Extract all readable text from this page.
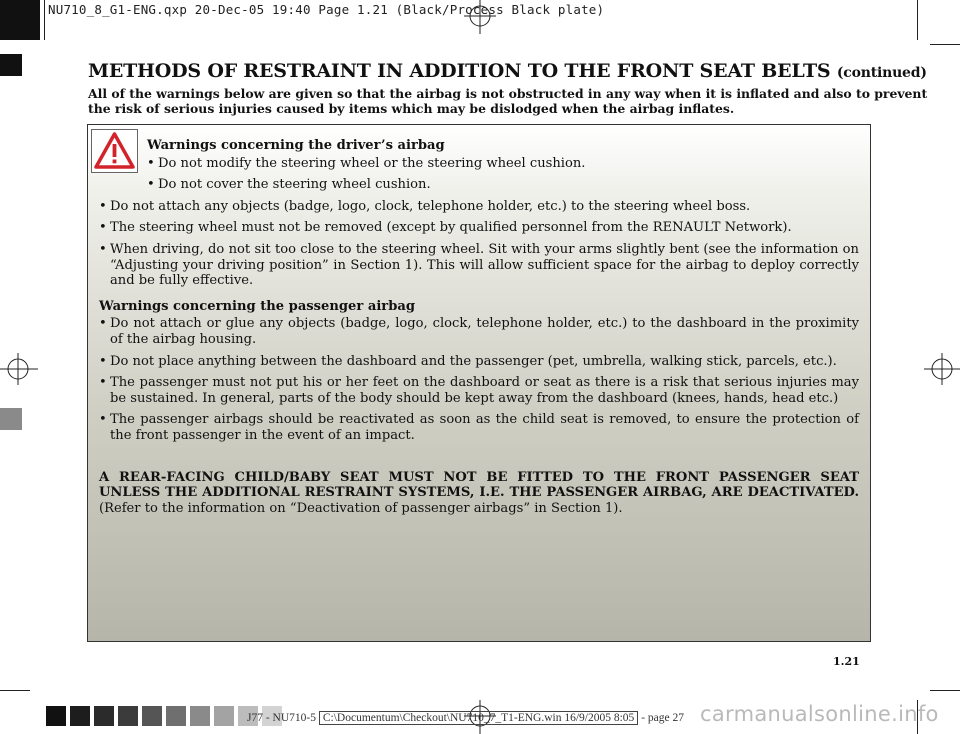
NU710_8_G1-ENG.qxp 20-Dec-05 19:40 Page 1.21 (Black/Process Black plate)
METHODS OF RESTRAINT IN ADDITION TO THE FRONT SEAT BELTS (continued)
All of the warnings below are given so that the airbag is not obstructed in any way when it is inflated and also to prevent
the risk of serious injuries caused by items which may be dislodged when the airbag inflates.

Warnings concerning the driver’s airbag

• Do not modify the steering wheel or the steering wheel cushion.

• Do not cover the steering wheel cushion.

• Do not attach any objects (badge, logo, clock, telephone holder, etc.) to the steering wheel boss.

• The steering wheel must not be removed (except by qualified personnel from the RENAULT Network).

• When driving, do not sit too close to the steering wheel. Sit with your arms slightly bent (see the information on “Adjusting your driving position” in Section 1). This will allow sufficient space for the airbag to deploy correctly and be fully effective.

Warnings concerning the passenger airbag

• Do not attach or glue any objects (badge, logo, clock, telephone holder, etc.) to the dashboard in the proximity of the airbag housing.

• Do not place anything between the dashboard and the passenger (pet, umbrella, walking stick, parcels, etc.).

• The passenger must not put his or her feet on the dashboard or seat as there is a risk that serious injuries may be sustained. In general, parts of the body should be kept away from the dashboard (knees, hands, head etc.)

• The passenger airbags should be reactivated as soon as the child seat is removed, to ensure the protection of the front passenger in the event of an impact.

A REAR-FACING CHILD/BABY SEAT MUST NOT BE FITTED TO THE FRONT PASSENGER SEAT UNLESS THE ADDITIONAL RESTRAINT SYSTEMS, I.E. THE PASSENGER AIRBAG, ARE DEACTIVATED. (Refer to the information on “Deactivation of passenger airbags” in Section 1).

1.21
J77 - NU710-5 C:\Documentum\Checkout\NU710_7_T1-ENG.win 16/9/2005 8:05 - page 27 carmanualsonline.info
